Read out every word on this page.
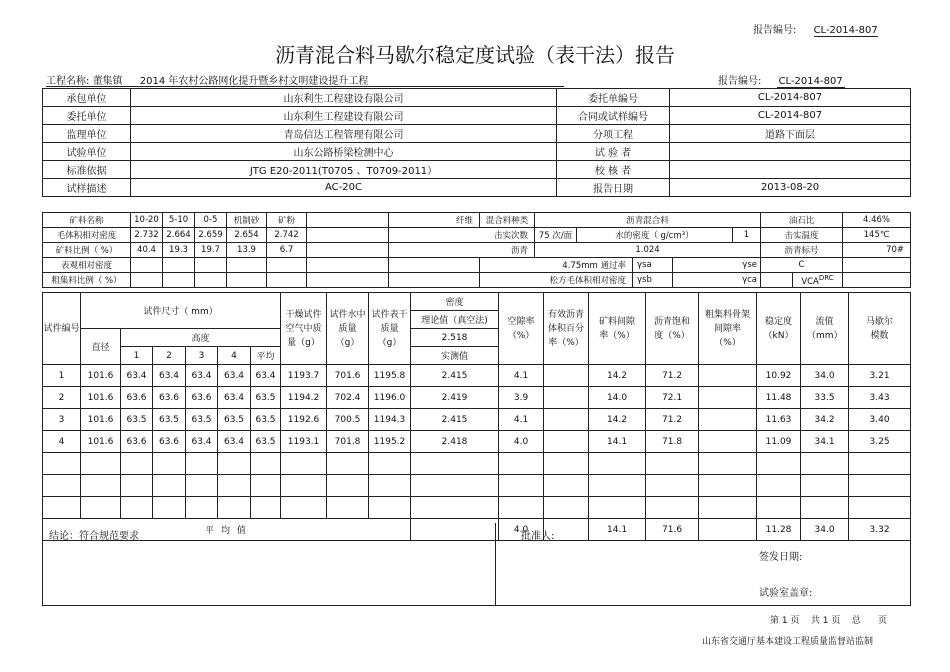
报告编号: CL-2014-807
沥青混合料马歇尔稳定度试验（表干法）报告
工程名称: 董集镇 2014 年农村公路网化提升暨乡村文明建设提升工程	报告编号: CL-2014-807
承包单位	山东利生工程建设有限公司	委托单编号	CL-2014-807
委托单位	山东利生工程建设有限公司	合同或试样编号	CL-2014-807
监理单位	青岛信达工程管理有限公司	分项工程	道路下面层
试验单位	山东公路桥梁检测中心	试 验 者	
标准依据	JTG E20-2011(T0705 、T0709-2011）	校 核 者	
试样描述	AC-20C	报告日期	2013-08-20
矿料名称	10-20	5-10	0-5	机制砂	矿粉		纤维	混合料种类	沥青混合料					油石比		4.46%
毛体积相对密度	2.732	2.664	2.659	2.654	2.742		击实次数		75 次/面	水的密度（ g/cm³）			1	击实温度		145℃
矿料比例（ %）	40.4	19.3	19.7	13.9	6.7		沥青		1.024					沥青标号		70#
表观相对密度								4.75mm 通过率			γsa	γse		C		
粗集料比例（ %）								松方毛体积相对密度			γsb	γca			$VCA^{DRC}$	
试件编号	试件尺寸（ mm）						干燥试件空气中质量（g）	试件水中质量（g）	试件表干质量（g）	密度	空隙率（%）	有效沥青体积百分率（%）	矿料间隙率（%）	沥青饱和度（%）	粗集料骨架间隙率（%）	稳定度（kN）	流值（mm）	马歇尔模数
										理论值（真空法)								
	直径	高度								2.518								
		1	2	3	4	平均				实测值								
1	101.6	63.4	63.4	63.4	63.4	63.4	1193.7	701.6	1195.8	2.415	4.1		14.2	71.2		10.92	34.0	3.21
2	101.6	63.6	63.6	63.6	63.4	63.5	1194.2	702.4	1196.0	2.419	3.9		14.0	72.1		11.48	33.5	3.43
3	101.6	63.5	63.5	63.5	63.5	63.5	1192.6	700.5	1194.3	2.415	4.1		14.2	71.2		11.63	34.2	3.40
4	101.6	63.6	63.6	63.4	63.4	63.5	1193.1	701.8	1195.2	2.418	4.0		14.1	71.8		11.09	34.1	3.25

平 均 值											4.0		14.1	71.6		11.28	34.0	3.32
结论：符合规范要求	批准人:
签发日期:
试验室盖章:
第 1 页    共 1 页    总      页
山东省交通厅基本建设工程质量监督站监制
